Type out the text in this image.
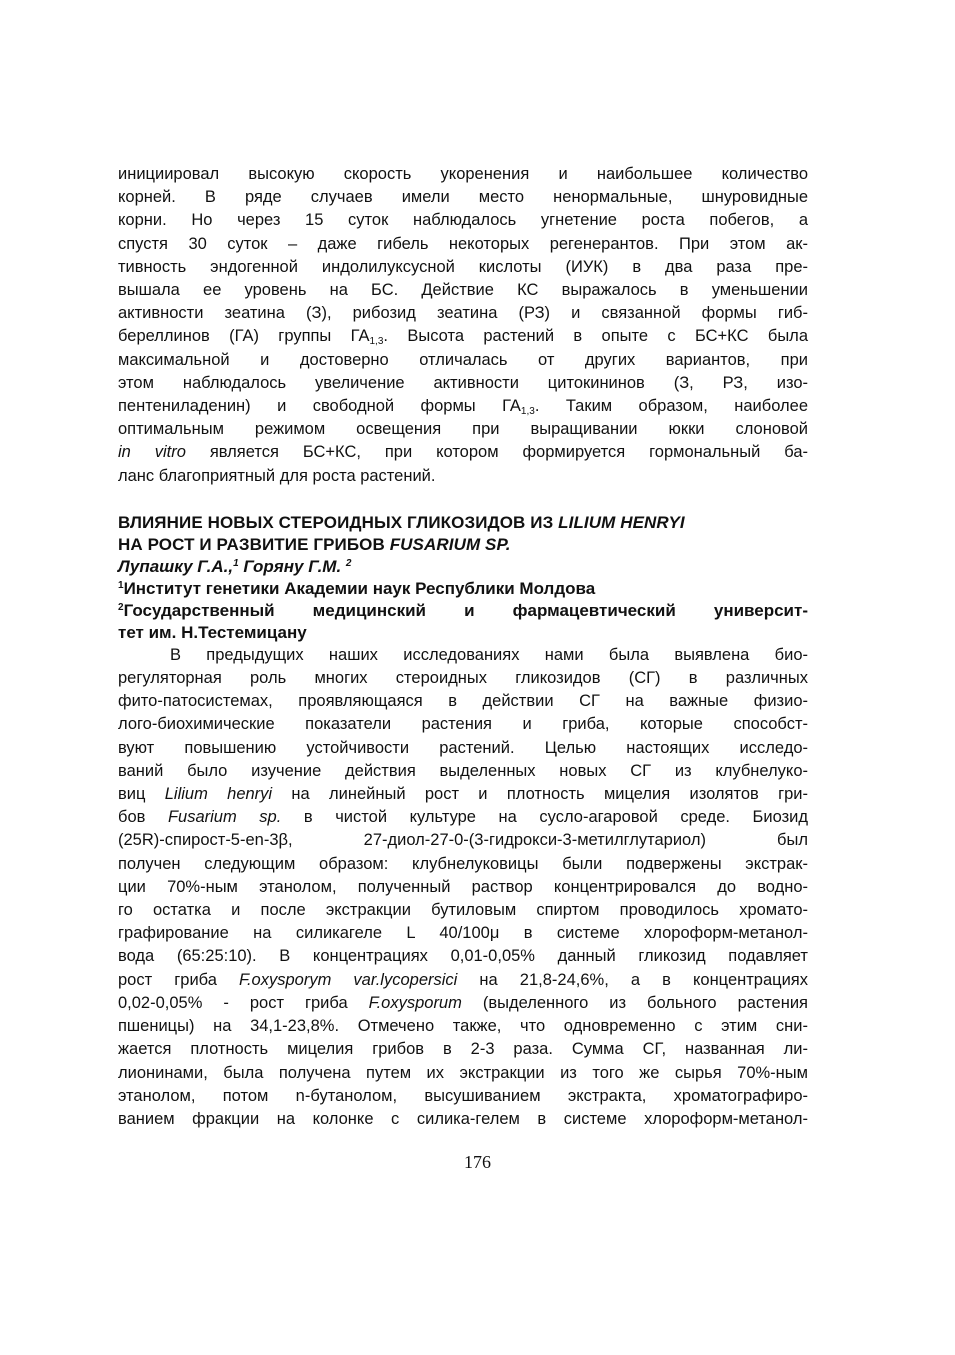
инициировал высокую скорость укоренения и наибольшее количество
корней. В ряде случаев имели место ненормальные, шнуровидные
корни. Но через 15 суток наблюдалось угнетение роста побегов, а
спустя 30 суток – даже гибель некоторых регенерантов. При этом ак-
тивность эндогенной индолилуксусной кислоты (ИУК) в два раза пре-
вышала ее уровень на БС. Действие КС выражалось в уменьшении
активности зеатина (З), рибозид зеатина (РЗ) и связанной формы гиб-
береллинов (ГА) группы $ГА_{1,3}$. Высота растений в опыте с БС+КС была
максимальной и достоверно отличалась от других вариантов, при
этом наблюдалось увеличение активности цитокининов (З, РЗ, изо-
пентениладенин) и свободной формы $ГА_{1,3}$. Таким образом, наиболее
оптимальным режимом освещения при выращивании юкки слоновой
in vitro является БС+КС, при котором формируется гормональный ба-
ланс благоприятный для роста растений.
ВЛИЯНИЕ НОВЫХ СТЕРОИДНЫХ ГЛИКОЗИДОВ ИЗ LILIUM HENRYI
НА РОСТ И РАЗВИТИЕ ГРИБОВ FUSARIUM SP.
Лупашку Г.А.,$^1$ Горяну Г.М. $^2$
$^1$Институт генетики Академии наук Республики Молдова
$^2$Государственный медицинский и фармацевтический университ-
тет им. Н.Тестемицану
В предыдущих наших исследованиях нами была выявлена био-
регуляторная роль многих стероидных гликозидов (СГ) в различных
фито-патосистемах, проявляющаяся в действии СГ на важные физио-
лого-биохимические показатели растения и гриба, которые способст-
вуют повышению устойчивости растений. Целью настоящих исследо-
ваний было изучение действия выделенных новых СГ из клубнелуко-
виц Lilium henryi на линейный рост и плотность мицелия изолятов гри-
бов Fusarium sp. в чистой культуре на сусло-агаровой среде. Биозид
(25R)-спирост-5-en-3β, 27-диол-27-0-(3-гидрокси-3-метилглутариол) был
получен следующим образом: клубнелуковицы были подвержены экстрак-
ции 70%-ным этанолом, полученный раствор концентрировался до водно-
го остатка и после экстракции бутиловым спиртом проводилось хромато-
графирование на силикагеле L 40/100μ в системе хлороформ-метанол-
вода (65:25:10). В концентрациях 0,01-0,05% данный гликозид подавляет
рост гриба F.oxysporym var.lycopersici на 21,8-24,6%, а в концентрациях
0,02-0,05% - рост гриба F.oxysporum (выделенного из больного растения
пшеницы) на 34,1-23,8%. Отмечено также, что одновременно с этим сни-
жается плотность мицелия грибов в 2-3 раза. Сумма СГ, названная ли-
лионинами, была получена путем их экстракции из того же сырья 70%-ным
этанолом, потом n-бутанолом, высушиванием экстракта, хроматографиро-
ванием фракции на колонке с силика-гелем в системе хлороформ-метанол-
176
